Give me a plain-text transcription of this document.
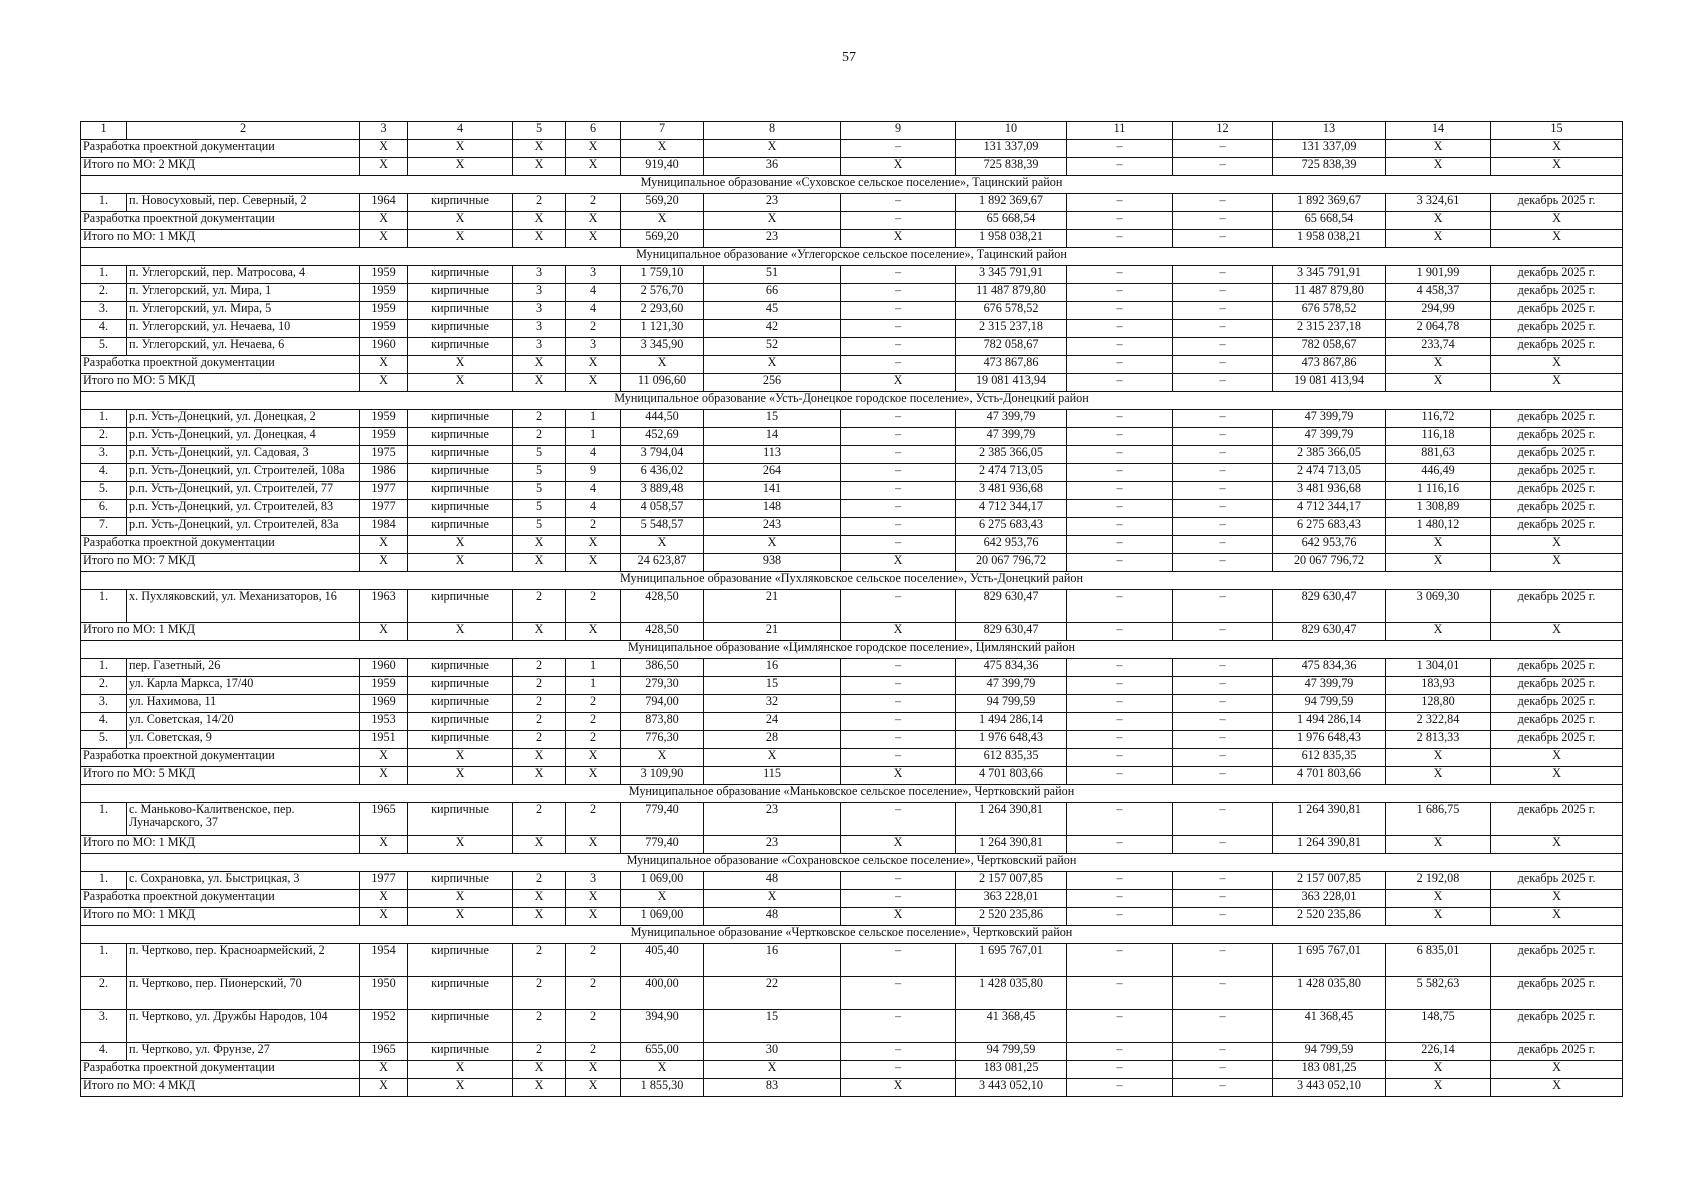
57
1	2	3	4	5	6	7	8	9	10	11	12	13	14	15
Разработка проектной документации		X	X	X	X	X	X	–	131 337,09	–	–	131 337,09	X	X
Итого по МО: 2 МКД		X	X	X	X	919,40	36	X	725 838,39	–	–	725 838,39	X	X
Муниципальное образование «Суховское сельское поселение», Тацинский район														
1.	п. Новосуховый, пер. Северный, 2	1964	кирпичные	2	2	569,20	23	–	1 892 369,67	–	–	1 892 369,67	3 324,61	декабрь 2025 г.
Разработка проектной документации		X	X	X	X	X	X	–	65 668,54	–	–	65 668,54	X	X
Итого по МО: 1 МКД		X	X	X	X	569,20	23	X	1 958 038,21	–	–	1 958 038,21	X	X
Муниципальное образование «Углегорское сельское поселение», Тацинский район														
1.	п. Углегорский, пер. Матросова, 4	1959	кирпичные	3	3	1 759,10	51	–	3 345 791,91	–	–	3 345 791,91	1 901,99	декабрь 2025 г.
2.	п. Углегорский, ул. Мира, 1	1959	кирпичные	3	4	2 576,70	66	–	11 487 879,80	–	–	11 487 879,80	4 458,37	декабрь 2025 г.
3.	п. Углегорский, ул. Мира, 5	1959	кирпичные	3	4	2 293,60	45	–	676 578,52	–	–	676 578,52	294,99	декабрь 2025 г.
4.	п. Углегорский, ул. Нечаева, 10	1959	кирпичные	3	2	1 121,30	42	–	2 315 237,18	–	–	2 315 237,18	2 064,78	декабрь 2025 г.
5.	п. Углегорский, ул. Нечаева, 6	1960	кирпичные	3	3	3 345,90	52	–	782 058,67	–	–	782 058,67	233,74	декабрь 2025 г.
Разработка проектной документации		X	X	X	X	X	X	–	473 867,86	–	–	473 867,86	X	X
Итого по МО: 5 МКД		X	X	X	X	11 096,60	256	X	19 081 413,94	–	–	19 081 413,94	X	X
Муниципальное образование «Усть-Донецкое городское поселение», Усть-Донецкий район														
1.	р.п. Усть-Донецкий, ул. Донецкая, 2	1959	кирпичные	2	1	444,50	15	–	47 399,79	–	–	47 399,79	116,72	декабрь 2025 г.
2.	р.п. Усть-Донецкий, ул. Донецкая, 4	1959	кирпичные	2	1	452,69	14	–	47 399,79	–	–	47 399,79	116,18	декабрь 2025 г.
3.	р.п. Усть-Донецкий, ул. Садовая, 3	1975	кирпичные	5	4	3 794,04	113	–	2 385 366,05	–	–	2 385 366,05	881,63	декабрь 2025 г.
4.	р.п. Усть-Донецкий, ул. Строителей, 108а	1986	кирпичные	5	9	6 436,02	264	–	2 474 713,05	–	–	2 474 713,05	446,49	декабрь 2025 г.
5.	р.п. Усть-Донецкий, ул. Строителей, 77	1977	кирпичные	5	4	3 889,48	141	–	3 481 936,68	–	–	3 481 936,68	1 116,16	декабрь 2025 г.
6.	р.п. Усть-Донецкий, ул. Строителей, 83	1977	кирпичные	5	4	4 058,57	148	–	4 712 344,17	–	–	4 712 344,17	1 308,89	декабрь 2025 г.
7.	р.п. Усть-Донецкий, ул. Строителей, 83а	1984	кирпичные	5	2	5 548,57	243	–	6 275 683,43	–	–	6 275 683,43	1 480,12	декабрь 2025 г.
Разработка проектной документации		X	X	X	X	X	X	–	642 953,76	–	–	642 953,76	X	X
Итого по МО: 7 МКД		X	X	X	X	24 623,87	938	X	20 067 796,72	–	–	20 067 796,72	X	X
Муниципальное образование «Пухляковское сельское поселение», Усть-Донецкий район														
1.	х. Пухляковский, ул. Механизаторов, 16	1963	кирпичные	2	2	428,50	21	–	829 630,47	–	–	829 630,47	3 069,30	декабрь 2025 г.
Итого по МО: 1 МКД		X	X	X	X	428,50	21	X	829 630,47	–	–	829 630,47	X	X
Муниципальное образование «Цимлянское городское поселение», Цимлянский район														
1.	пер. Газетный, 26	1960	кирпичные	2	1	386,50	16	–	475 834,36	–	–	475 834,36	1 304,01	декабрь 2025 г.
2.	ул. Карла Маркса, 17/40	1959	кирпичные	2	1	279,30	15	–	47 399,79	–	–	47 399,79	183,93	декабрь 2025 г.
3.	ул. Нахимова, 11	1969	кирпичные	2	2	794,00	32	–	94 799,59	–	–	94 799,59	128,80	декабрь 2025 г.
4.	ул. Советская, 14/20	1953	кирпичные	2	2	873,80	24	–	1 494 286,14	–	–	1 494 286,14	2 322,84	декабрь 2025 г.
5.	ул. Советская, 9	1951	кирпичные	2	2	776,30	28	–	1 976 648,43	–	–	1 976 648,43	2 813,33	декабрь 2025 г.
Разработка проектной документации		X	X	X	X	X	X	–	612 835,35	–	–	612 835,35	X	X
Итого по МО: 5 МКД		X	X	X	X	3 109,90	115	X	4 701 803,66	–	–	4 701 803,66	X	X
Муниципальное образование «Маньковское сельское поселение», Чертковский район														
1.	с. Маньково-Калитвенское, пер. Луначарского, 37	1965	кирпичные	2	2	779,40	23	–	1 264 390,81	–	–	1 264 390,81	1 686,75	декабрь 2025 г.
Итого по МО: 1 МКД		X	X	X	X	779,40	23	X	1 264 390,81	–	–	1 264 390,81	X	X
Муниципальное образование «Сохрановское сельское поселение», Чертковский район														
1.	с. Сохрановка, ул. Быстрицкая, 3	1977	кирпичные	2	3	1 069,00	48	–	2 157 007,85	–	–	2 157 007,85	2 192,08	декабрь 2025 г.
Разработка проектной документации		X	X	X	X	X	X	–	363 228,01	–	–	363 228,01	X	X
Итого по МО: 1 МКД		X	X	X	X	1 069,00	48	X	2 520 235,86	–	–	2 520 235,86	X	X
Муниципальное образование «Чертковское сельское поселение», Чертковский район														
1.	п. Чертково, пер. Красноармейский, 2	1954	кирпичные	2	2	405,40	16	–	1 695 767,01	–	–	1 695 767,01	6 835,01	декабрь 2025 г.
2.	п. Чертково, пер. Пионерский, 70	1950	кирпичные	2	2	400,00	22	–	1 428 035,80	–	–	1 428 035,80	5 582,63	декабрь 2025 г.
3.	п. Чертково, ул. Дружбы Народов, 104	1952	кирпичные	2	2	394,90	15	–	41 368,45	–	–	41 368,45	148,75	декабрь 2025 г.
4.	п. Чертково, ул. Фрунзе, 27	1965	кирпичные	2	2	655,00	30	–	94 799,59	–	–	94 799,59	226,14	декабрь 2025 г.
Разработка проектной документации		X	X	X	X	X	X	–	183 081,25	–	–	183 081,25	X	X
Итого по МО: 4 МКД		X	X	X	X	1 855,30	83	X	3 443 052,10	–	–	3 443 052,10	X	X
